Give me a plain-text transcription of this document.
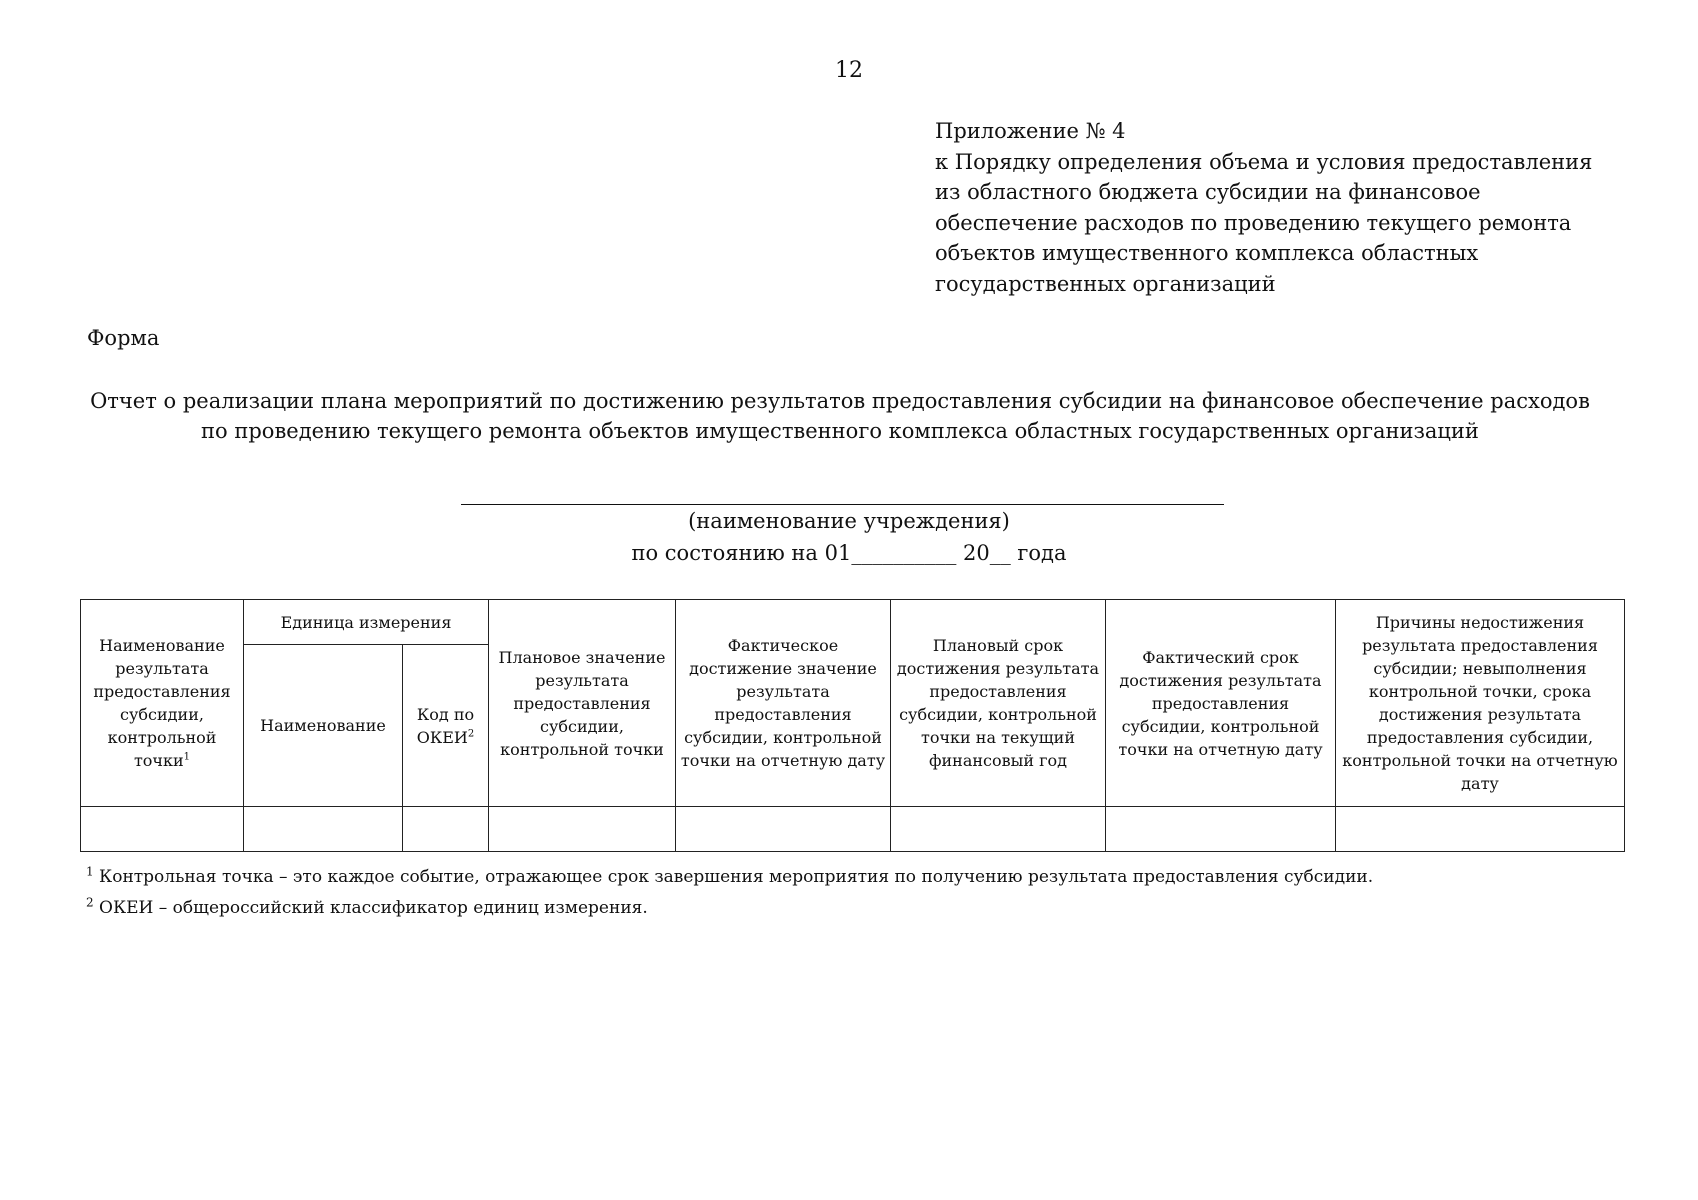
12
Приложение № 4
к Порядку определения объема и условия предоставления
из областного бюджета субсидии на финансовое
обеспечение расходов по проведению текущего ремонта
объектов имущественного комплекса областных
государственных организаций
Форма
Отчет о реализации плана мероприятий по достижению результатов предоставления субсидии на финансовое обеспечение расходов
по проведению текущего ремонта объектов имущественного комплекса областных государственных организаций
(наименование учреждения)
по состоянию на 01__________ 20__ года
Наименование результата предоставления субсидии, контрольной точки$^1$	Единица измерения		Плановое значение результата предоставления субсидии, контрольной точки	Фактическое достижение значение результата предоставления субсидии, контрольной точки на отчетную дату	Плановый срок достижения результата предоставления субсидии, контрольной точки на текущий финансовый год	Фактический срок достижения результата предоставления субсидии, контрольной точки на отчетную дату	Причины недостижения результата предоставления субсидии; невыполнения контрольной точки, срока достижения результата предоставления субсидии, контрольной точки на отчетную дату
	Наименование	Код по ОКЕИ$^2$

$^1$ Контрольная точка – это каждое событие, отражающее срок завершения мероприятия по получению результата предоставления субсидии.
$^2$ ОКЕИ – общероссийский классификатор единиц измерения.
